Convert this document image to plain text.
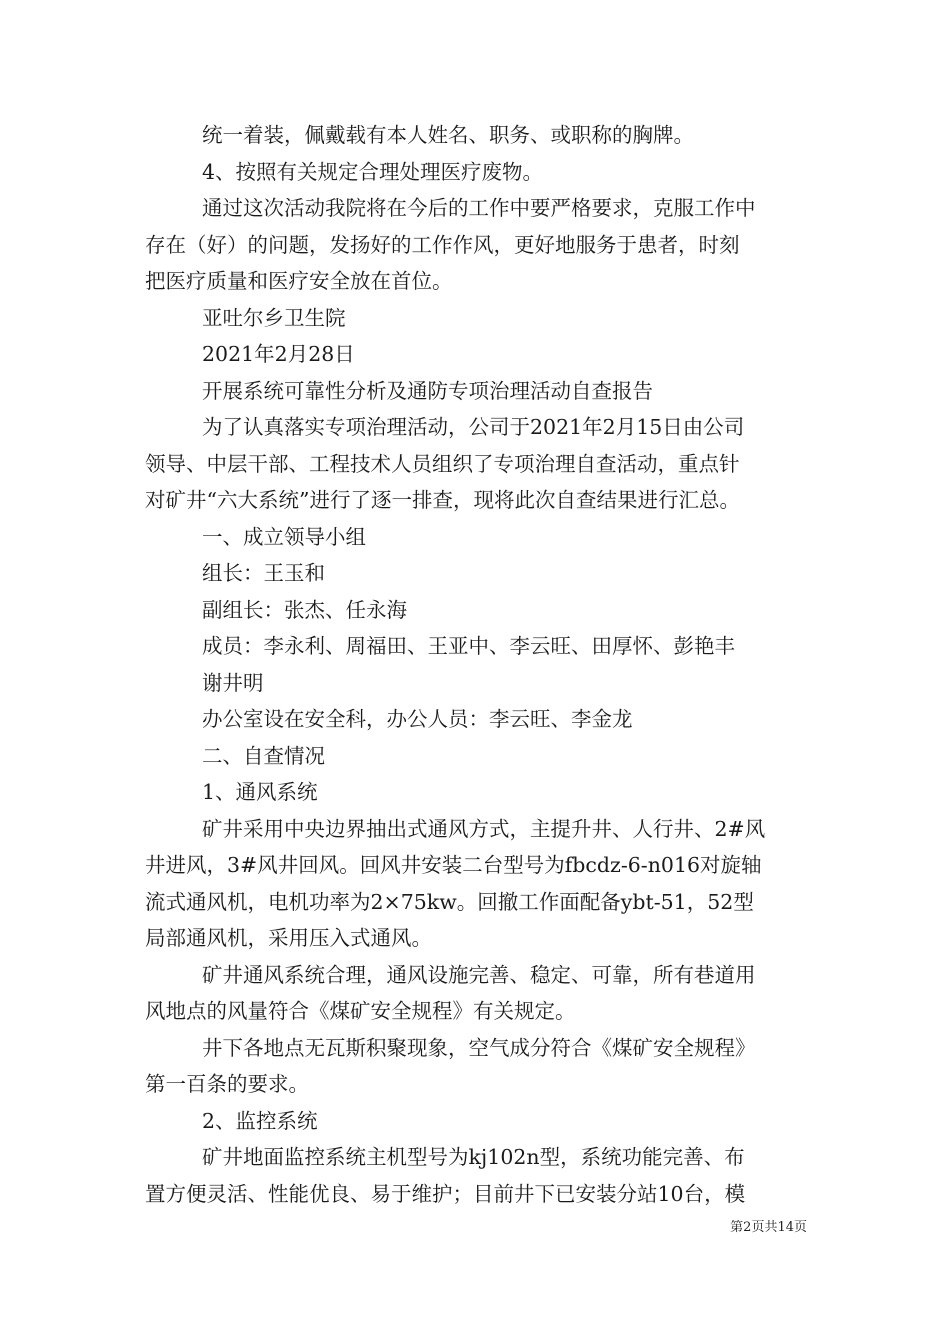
统一着装，佩戴载有本人姓名、职务、或职称的胸牌。
4、按照有关规定合理处理医疗废物。
通过这次活动我院将在今后的工作中要严格要求，克服工作中
存在（好）的问题，发扬好的工作作风，更好地服务于患者，时刻
把医疗质量和医疗安全放在首位。
亚吐尔乡卫生院
2021年2月28日
开展系统可靠性分析及通防专项治理活动自查报告
为了认真落实专项治理活动，公司于2021年2月15日由公司
领导、中层干部、工程技术人员组织了专项治理自查活动，重点针
对矿井“六大系统”进行了逐一排查，现将此次自查结果进行汇总。
一、成立领导小组
组长：王玉和
副组长：张杰、任永海
成员：李永利、周福田、王亚中、李云旺、田厚怀、彭艳丰
谢井明
办公室设在安全科，办公人员：李云旺、李金龙
二、自查情况
1、通风系统
矿井采用中央边界抽出式通风方式，主提升井、人行井、2#风
井进风，3#风井回风。回风井安装二台型号为fbcdz-6-n016对旋轴
流式通风机，电机功率为2×75kw。回撤工作面配备ybt-51，52型
局部通风机，采用压入式通风。
矿井通风系统合理，通风设施完善、稳定、可靠，所有巷道用
风地点的风量符合《煤矿安全规程》有关规定。
井下各地点无瓦斯积聚现象，空气成分符合《煤矿安全规程》
第一百条的要求。
2、监控系统
矿井地面监控系统主机型号为kj102n型，系统功能完善、布
置方便灵活、性能优良、易于维护；目前井下已安装分站10台，模
第2页共14页
